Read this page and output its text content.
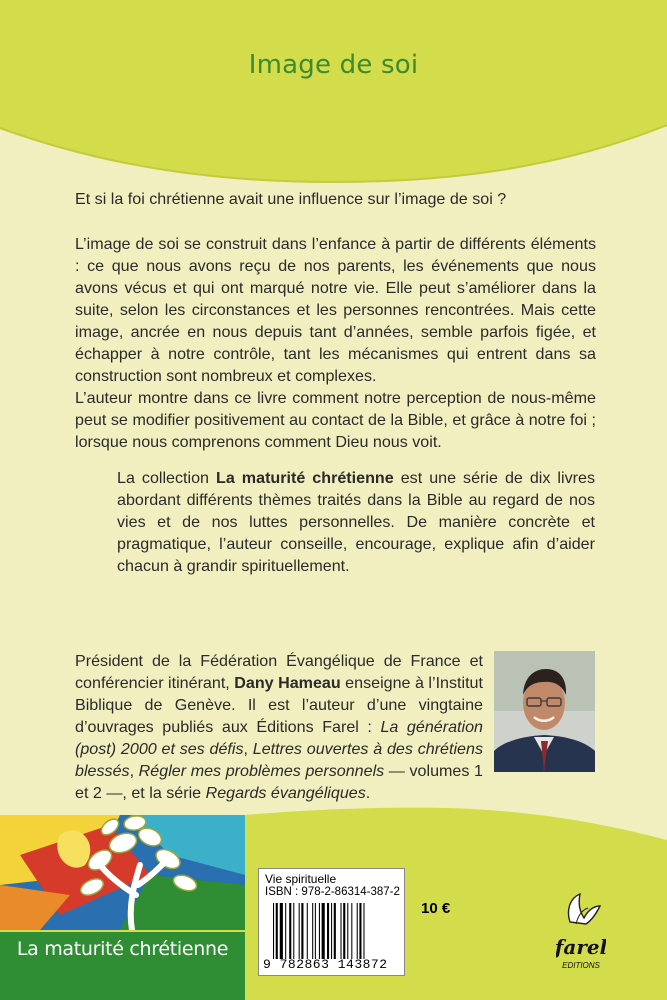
Image de soi
Et si la foi chrétienne avait une influence sur l’image de soi ?

L’image de soi se construit dans l’enfance à partir de différents éléments : ce que nous avons reçu de nos parents, les événements que nous avons vécus et qui ont marqué notre vie. Elle peut s’améliorer dans la suite, selon les circonstances et les personnes rencontrées. Mais cette image, ancrée en nous depuis tant d’années, semble parfois figée, et échapper à notre contrôle, tant les mécanismes qui entrent dans sa construction sont nombreux et complexes.

L’auteur montre dans ce livre comment notre perception de nous-même peut se modifier positivement au contact de la Bible, et grâce à notre foi ; lorsque nous comprenons comment Dieu nous voit.

La collection La maturité chrétienne est une série de dix livres abordant différents thèmes traités dans la Bible au regard de nos vies et de nos luttes personnelles. De manière concrète et pragmatique, l’auteur conseille, encourage, explique afin d’aider chacun à grandir spirituellement.

Président de la Fédération Évangélique de France et conférencier itinérant, Dany Hameau enseigne à l’Institut Biblique de Genève. Il est l’auteur d’une vingtaine d’ouvrages publiés aux Éditions Farel : La génération (post) 2000 et ses défis, Lettres ouvertes à des chrétiens blessés, Régler mes problèmes personnels — volumes 1 et 2 —, et la série Regards évangéliques.

La maturité chrétienne
Vie spirituelle
ISBN : 978-2-86314-387-2
9 782863 143872
10 €
farel
EDITIONS
